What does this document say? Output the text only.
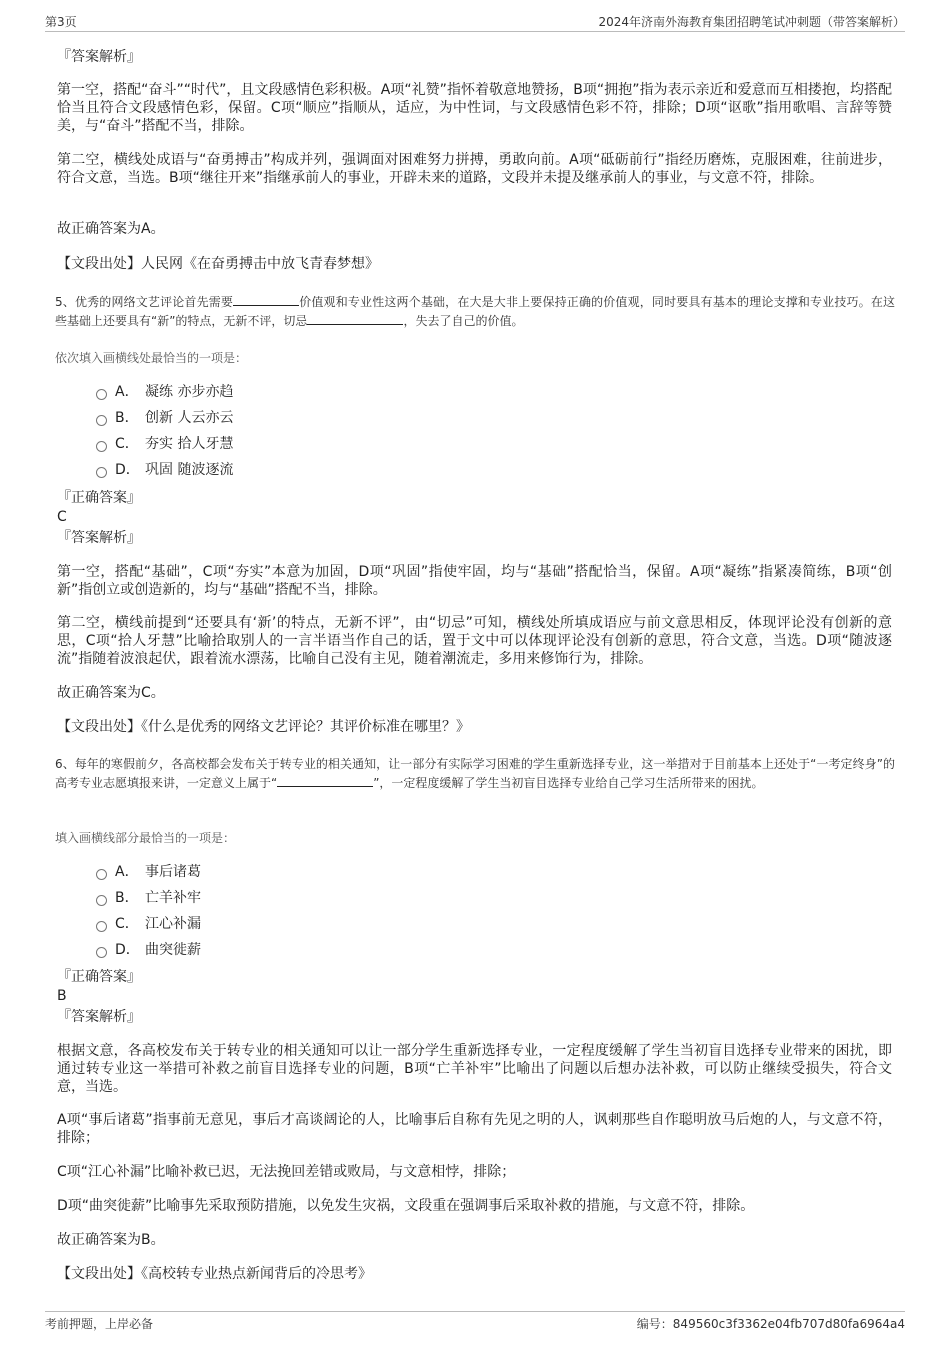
第3页	2024年济南外海教育集团招聘笔试冲刺题（带答案解析）
『答案解析』
第一空，搭配“奋斗”“时代”，且文段感情色彩积极。A项“礼赞”指怀着敬意地赞扬，B项“拥抱”指为表示亲近和爱意而互相搂抱，均搭配恰当且符合文段感情色彩，保留。C项“顺应”指顺从，适应，为中性词，与文段感情色彩不符，排除；D项“讴歌”指用歌唱、言辞等赞美，与“奋斗”搭配不当，排除。
第二空，横线处成语与“奋勇搏击”构成并列，强调面对困难努力拼搏，勇敢向前。A项“砥砺前行”指经历磨炼，克服困难，往前进步，符合文意，当选。B项“继往开来”指继承前人的事业，开辟未来的道路，文段并未提及继承前人的事业，与文意不符，排除。
故正确答案为A。
【文段出处】人民网《在奋勇搏击中放飞青春梦想》
5、优秀的网络文艺评论首先需要	价值观和专业性这两个基础，在大是大非上要保持正确的价值观，同时要具有基本的理论支撑和专业技巧。在这些基础上还要具有“新”的特点，无新不评，切忌	，失去了自己的价值。
依次填入画横线处最恰当的一项是：
A． 凝练 亦步亦趋
B． 创新 人云亦云
C． 夯实 拾人牙慧
D． 巩固 随波逐流
『正确答案』
C
『答案解析』
第一空，搭配“基础”，C项“夯实”本意为加固，D项“巩固”指使牢固，均与“基础”搭配恰当，保留。A项“凝练”指紧凑简练，B项“创新”指创立或创造新的，均与“基础”搭配不当，排除。
第二空，横线前提到“还要具有‘新’的特点，无新不评”，由“切忌”可知，横线处所填成语应与前文意思相反，体现评论没有创新的意思，C项“拾人牙慧”比喻拾取别人的一言半语当作自己的话，置于文中可以体现评论没有创新的意思，符合文意，当选。D项“随波逐流”指随着波浪起伏，跟着流水漂荡，比喻自己没有主见，随着潮流走，多用来修饰行为，排除。
故正确答案为C。
【文段出处】《什么是优秀的网络文艺评论？其评价标准在哪里？》
6、每年的寒假前夕，各高校都会发布关于转专业的相关通知，让一部分有实际学习困难的学生重新选择专业，这一举措对于目前基本上还处于“一考定终身”的高考专业志愿填报来讲，一定意义上属于“	”，一定程度缓解了学生当初盲目选择专业给自己学习生活所带来的困扰。
填入画横线部分最恰当的一项是：
A． 事后诸葛
B． 亡羊补牢
C． 江心补漏
D． 曲突徙薪
『正确答案』
B
『答案解析』
根据文意，各高校发布关于转专业的相关通知可以让一部分学生重新选择专业，一定程度缓解了学生当初盲目选择专业带来的困扰，即通过转专业这一举措可补救之前盲目选择专业的问题，B项“亡羊补牢”比喻出了问题以后想办法补救，可以防止继续受损失，符合文意，当选。
A项“事后诸葛”指事前无意见，事后才高谈阔论的人，比喻事后自称有先见之明的人，讽刺那些自作聪明放马后炮的人，与文意不符，排除；
C项“江心补漏”比喻补救已迟，无法挽回差错或败局，与文意相悖，排除；
D项“曲突徙薪”比喻事先采取预防措施，以免发生灾祸，文段重在强调事后采取补救的措施，与文意不符，排除。
故正确答案为B。
【文段出处】《高校转专业热点新闻背后的冷思考》
考前押题，上岸必备	编号：849560c3f3362e04fb707d80fa6964a4
